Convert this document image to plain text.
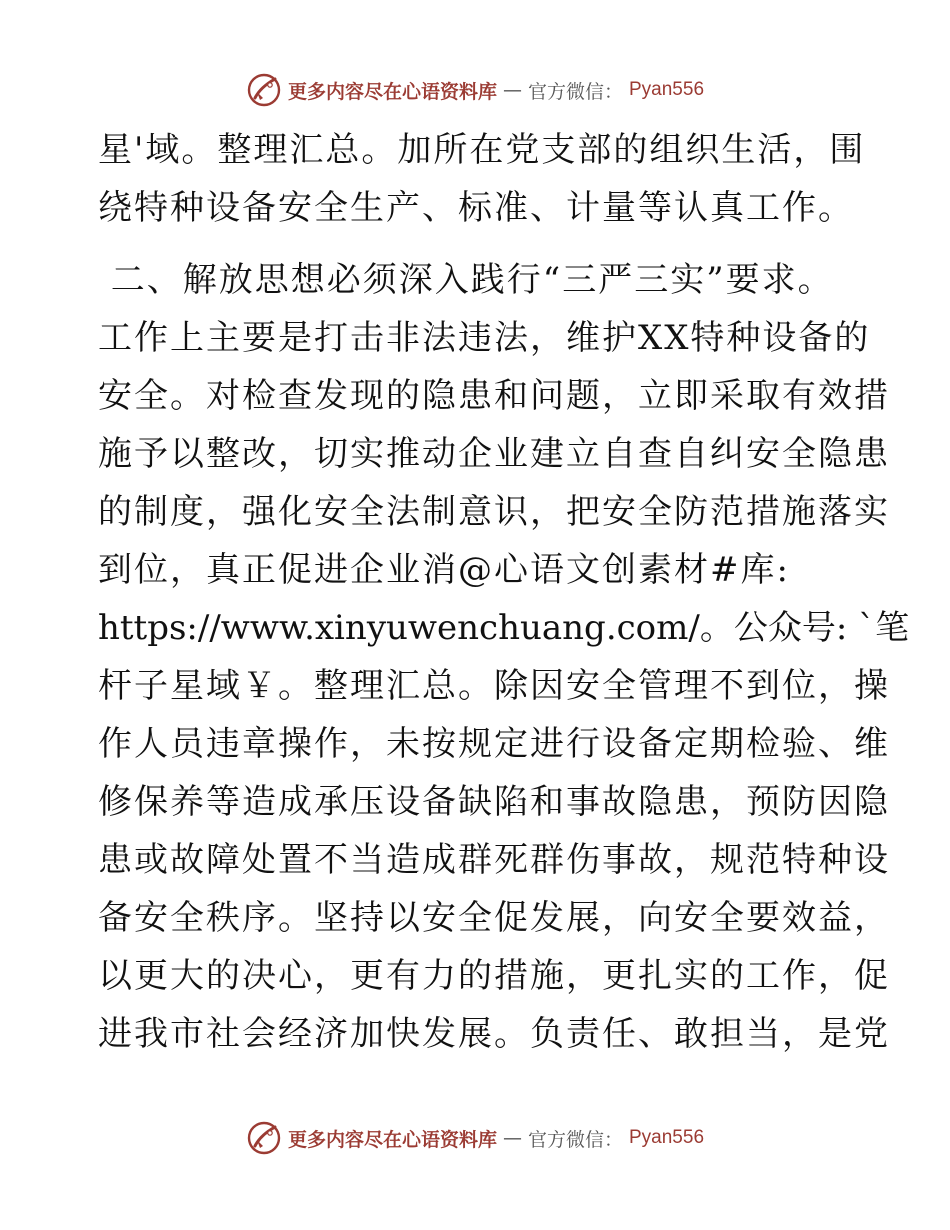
更多内容尽在心语资料库 — 官方微信： Pyan556
星'域。整理汇总。加所在党支部的组织生活，围
绕特种设备安全生产、标准、计量等认真工作。
二、解放思想必须深入践行“三严三实”要求。
工作上主要是打击非法违法，维护XX特种设备的
安全。对检查发现的隐患和问题，立即采取有效措
施予以整改，切实推动企业建立自查自纠安全隐患
的制度，强化安全法制意识，把安全防范措施落实
到位，真正促进企业消@心语文创素材#库:
https://www.xinyuwenchuang.com/。公众号: `笔
杆子星域￥。整理汇总。除因安全管理不到位，操
作人员违章操作，未按规定进行设备定期检验、维
修保养等造成承压设备缺陷和事故隐患，预防因隐
患或故障处置不当造成群死群伤事故，规范特种设
备安全秩序。坚持以安全促发展，向安全要效益，
以更大的决心，更有力的措施，更扎实的工作，促
进我市社会经济加快发展。负责任、敢担当，是党
更多内容尽在心语资料库 — 官方微信： Pyan556
